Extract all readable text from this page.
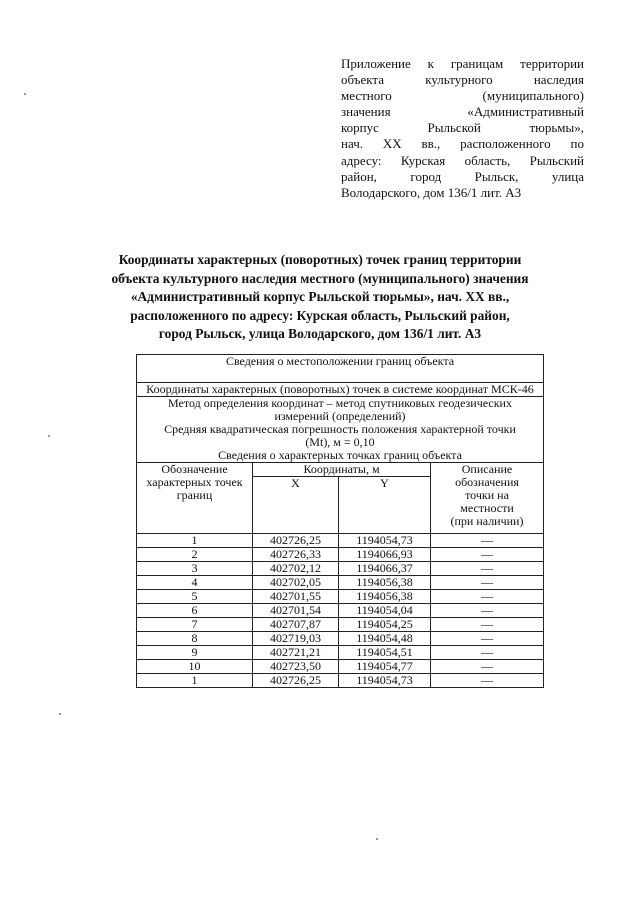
Приложение к границам территории
объекта культурного наследия
местного (муниципального)
значения «Административный
корпус Рыльской тюрьмы»,
нач. XX вв., расположенного по
адресу: Курская область, Рыльский
район, город Рыльск, улица
Володарского, дом 136/1 лит. А3
Координаты характерных (поворотных) точек границ территории
объекта культурного наследия местного (муниципального) значения
«Административный корпус Рыльской тюрьмы», нач. XX вв.,
расположенного по адресу: Курская область, Рыльский район,
город Рыльск, улица Володарского, дом 136/1 лит. А3
Сведения о местоположении границ объекта			
Координаты характерных (поворотных) точек в системе координат МСК-46			

Метод определения координат – метод спутниковых геодезических
измерений (определений)
Средняя квадратическая погрешность положения характерной точки
(Mt), м = 0,10
Сведения о характерных точках границ объекта			

Обозначение
характерных точек
границ	Координаты, м		Описание
обозначения
точки на
местности
(при наличии)

	X	Y	
1	402726,25	1194054,73	—
2	402726,33	1194066,93	—
3	402702,12	1194066,37	—
4	402702,05	1194056,38	—
5	402701,55	1194056,38	—
6	402701,54	1194054,04	—
7	402707,87	1194054,25	—
8	402719,03	1194054,48	—
9	402721,21	1194054,51	—
10	402723,50	1194054,77	—
1	402726,25	1194054,73	—
